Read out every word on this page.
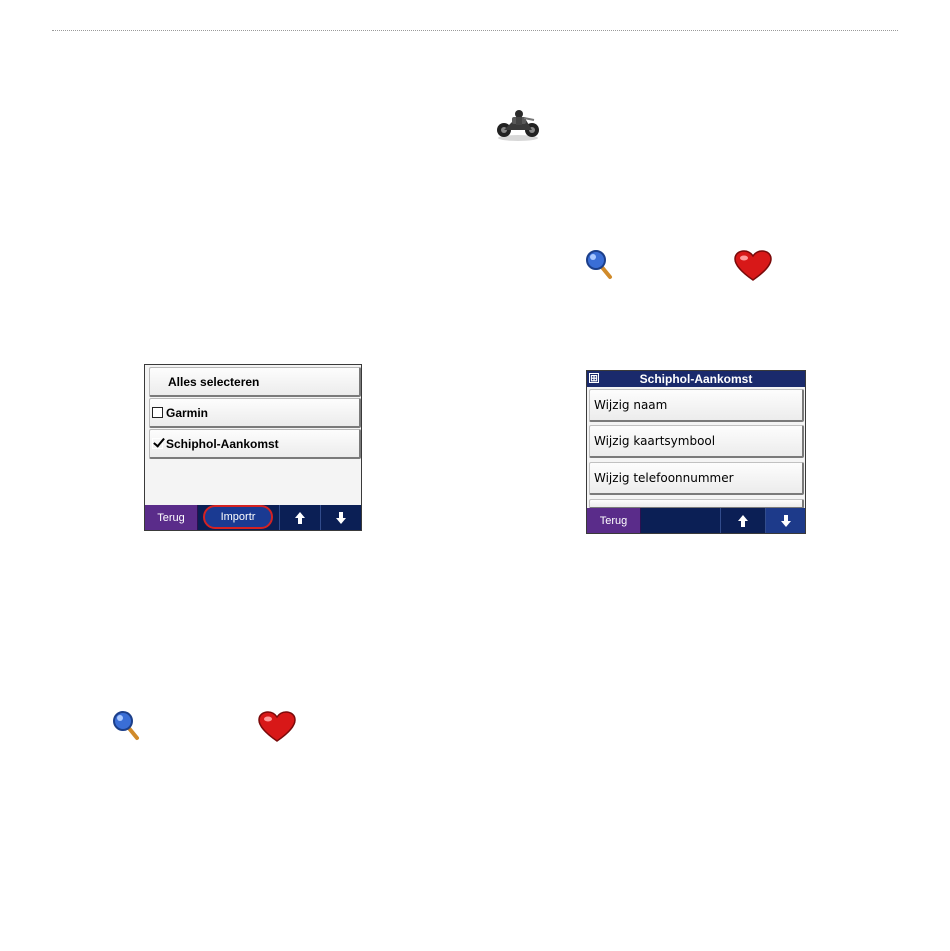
Alles selecteren
Garmin
Schiphol-Aankomst
Terug	Importr
⊞	Schiphol-Aankomst
Wijzig naam
Wijzig kaartsymbool
Wijzig telefoonnummer
Terug
